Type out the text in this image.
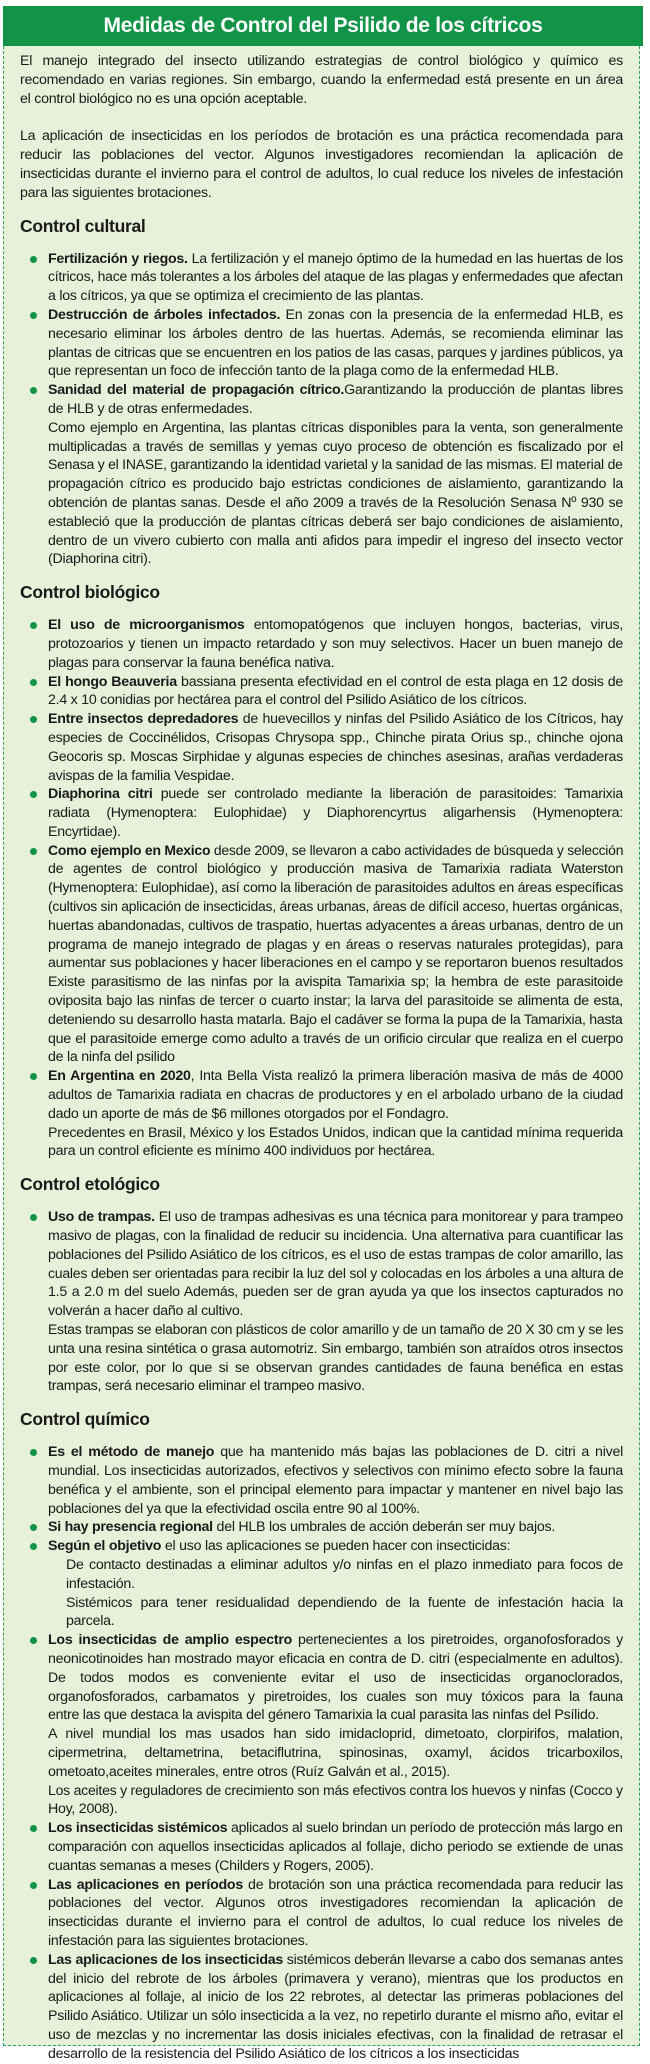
Medidas de Control del Psilido de los cítricos
El manejo integrado del insecto utilizando estrategias de control biológico y químico es
recomendado en varias regiones. Sin embargo, cuando la enfermedad está presente en un área
el control biológico no es una opción aceptable.
La aplicación de insecticidas en los períodos de brotación es una práctica recomendada para
reducir las poblaciones del vector. Algunos investigadores recomiendan la aplicación de
insecticidas durante el invierno para el control de adultos, lo cual reduce los niveles de infestación
para las siguientes brotaciones.
Control cultural
Fertilización y riegos. La fertilización y el manejo óptimo de la humedad en las huertas de los
cítricos, hace más tolerantes a los árboles del ataque de las plagas y enfermedades que afectan
a los cítricos, ya que se optimiza el crecimiento de las plantas.
Destrucción de árboles infectados. En zonas con la presencia de la enfermedad HLB, es
necesario eliminar los árboles dentro de las huertas. Además, se recomienda eliminar las
plantas de citricas que se encuentren en los patios de las casas, parques y jardines públicos, ya
que representan un foco de infección tanto de la plaga como de la enfermedad HLB.
Sanidad del material de propagación cítrico.Garantizando la producción de plantas libres
de HLB y de otras enfermedades.
Como ejemplo en Argentina, las plantas cítricas disponibles para la venta, son generalmente
multiplicadas a través de semillas y yemas cuyo proceso de obtención es fiscalizado por el
Senasa y el INASE, garantizando la identidad varietal y la sanidad de las mismas. El material de
propagación cítrico es producido bajo estrictas condiciones de aislamiento, garantizando la
obtención de plantas sanas. Desde el año 2009 a través de la Resolución Senasa Nº 930 se
estableció que la producción de plantas cítricas deberá ser bajo condiciones de aislamiento,
dentro de un vivero cubierto con malla anti afidos para impedir el ingreso del insecto vector
(Diaphorina citri).
Control biológico
El uso de microorganismos entomopatógenos que incluyen hongos, bacterias, virus,
protozoarios y tienen un impacto retardado y son muy selectivos. Hacer un buen manejo de
plagas para conservar la fauna benéfica nativa.
El hongo Beauveria bassiana presenta efectividad en el control de esta plaga en 12 dosis de
2.4 x 10 conidias por hectárea para el control del Psilido Asiático de los cítricos.
Entre insectos depredadores de huevecillos y ninfas del Psilido Asiático de los Cítricos, hay
especies de Coccinélidos, Crisopas Chrysopa spp., Chinche pirata Orius sp., chinche ojona
Geocoris sp. Moscas Sirphidae y algunas especies de chinches asesinas, arañas verdaderas
avispas de la familia Vespidae.
Diaphorina citri puede ser controlado mediante la liberación de parasitoides: Tamarixia
radiata (Hymenoptera: Eulophidae) y Diaphorencyrtus aligarhensis (Hymenoptera:
Encyrtidae).
Como ejemplo en Mexico desde 2009, se llevaron a cabo actividades de búsqueda y selección
de agentes de control biológico y producción masiva de Tamarixia radiata Waterston
(Hymenoptera: Eulophidae), así como la liberación de parasitoides adultos en áreas específicas
(cultivos sin aplicación de insecticidas, áreas urbanas, áreas de difícil acceso, huertas orgánicas,
huertas abandonadas, cultivos de traspatio, huertas adyacentes a áreas urbanas, dentro de un
programa de manejo integrado de plagas y en áreas o reservas naturales protegidas), para
aumentar sus poblaciones y hacer liberaciones en el campo y se reportaron buenos resultados
Existe parasitismo de las ninfas por la avispita Tamarixia sp; la hembra de este parasitoide
oviposita bajo las ninfas de tercer o cuarto instar; la larva del parasitoide se alimenta de esta,
deteniendo su desarrollo hasta matarla. Bajo el cadáver se forma la pupa de la Tamarixia, hasta
que el parasitoide emerge como adulto a través de un orificio circular que realiza en el cuerpo
de la ninfa del psilido
En Argentina en 2020, Inta Bella Vista realizó la primera liberación masiva de más de 4000
adultos de Tamarixia radiata en chacras de productores y en el arbolado urbano de la ciudad
dado un aporte de más de $6 millones otorgados por el Fondagro.
Precedentes en Brasil, México y los Estados Unidos, indican que la cantidad mínima requerida
para un control eficiente es mínimo 400 individuos por hectárea.
Control etológico
Uso de trampas. El uso de trampas adhesivas es una técnica para monitorear y para trampeo
masivo de plagas, con la finalidad de reducir su incidencia. Una alternativa para cuantificar las
poblaciones del Psilido Asiático de los cítricos, es el uso de estas trampas de color amarillo, las
cuales deben ser orientadas para recibir la luz del sol y colocadas en los árboles a una altura de
1.5 a 2.0 m del suelo Además, pueden ser de gran ayuda ya que los insectos capturados no
volverán a hacer daño al cultivo.
Estas trampas se elaboran con plásticos de color amarillo y de un tamaño de 20 X 30 cm y se les
unta una resina sintética o grasa automotriz. Sin embargo, también son atraídos otros insectos
por este color, por lo que si se observan grandes cantidades de fauna benéfica en estas
trampas, será necesario eliminar el trampeo masivo.
Control químico
Es el método de manejo que ha mantenido más bajas las poblaciones de D. citri a nivel
mundial. Los insecticidas autorizados, efectivos y selectivos con mínimo efecto sobre la fauna
benéfica y el ambiente, son el principal elemento para impactar y mantener en nivel bajo las
poblaciones del ya que la efectividad oscila entre 90 al 100%.
Si hay presencia regional del HLB los umbrales de acción deberán ser muy bajos.
Según el objetivo el uso las aplicaciones se pueden hacer con insecticidas:
De contacto destinadas a eliminar adultos y/o ninfas en el plazo inmediato para focos de
infestación.
Sistémicos para tener residualidad dependiendo de la fuente de infestación hacia la
parcela.
Los insecticidas de amplio espectro pertenecientes a los piretroides, organofosforados y
neonicotinoides han mostrado mayor eficacia en contra de D. citri (especialmente en adultos).
De todos modos es conveniente evitar el uso de insecticidas organoclorados,
organofosforados, carbamatos y piretroides, los cuales son muy tóxicos para la fauna
entre las que destaca la avispita del género Tamarixia la cual parasita las ninfas del Psílido.
A nivel mundial los mas usados han sido imidacloprid, dimetoato, clorpirifos, malation,
cipermetrina, deltametrina, betaciflutrina, spinosinas, oxamyl, ácidos tricarboxilos,
ometoato,aceites minerales, entre otros (Ruíz Galván et al., 2015).
Los aceites y reguladores de crecimiento son más efectivos contra los huevos y ninfas (Cocco y
Hoy, 2008).
Los insecticidas sistémicos aplicados al suelo brindan un período de protección más largo en
comparación con aquellos insecticidas aplicados al follaje, dicho periodo se extiende de unas
cuantas semanas a meses (Childers y Rogers, 2005).
Las aplicaciones en períodos de brotación son una práctica recomendada para reducir las
poblaciones del vector. Algunos otros investigadores recomiendan la aplicación de
insecticidas durante el invierno para el control de adultos, lo cual reduce los niveles de
infestación para las siguientes brotaciones.
Las aplicaciones de los insecticidas sistémicos deberán llevarse a cabo dos semanas antes
del inicio del rebrote de los árboles (primavera y verano), mientras que los productos en
aplicaciones al follaje, al inicio de los 22 rebrotes, al detectar las primeras poblaciones del
Psilido Asiático. Utilizar un sólo insecticida a la vez, no repetirlo durante el mismo año, evitar el
uso de mezclas y no incrementar las dosis iniciales efectivas, con la finalidad de retrasar el
desarrollo de la resistencia del Psilido Asiático de los cítricos a los insecticidas
